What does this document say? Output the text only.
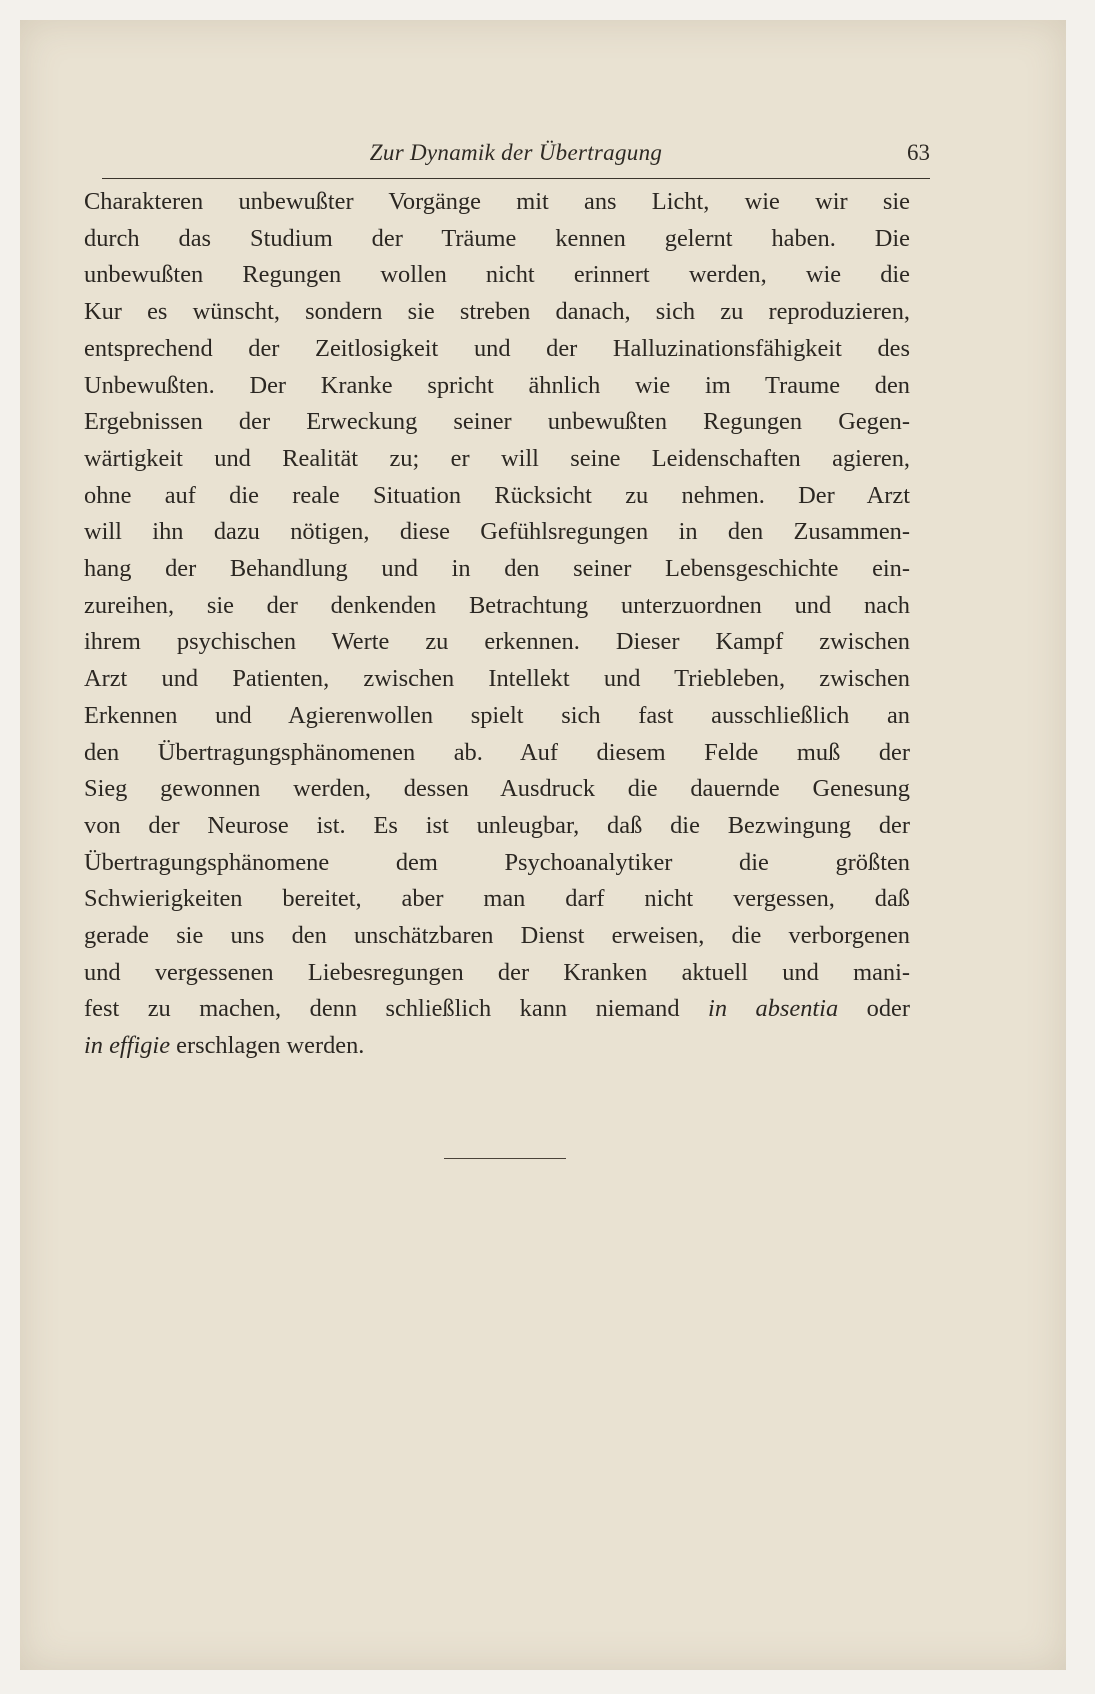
Zur Dynamik der Übertragung	63
Charakteren unbewußter Vorgänge mit ans Licht, wie wir sie
durch das Studium der Träume kennen gelernt haben. Die
unbewußten Regungen wollen nicht erinnert werden, wie die
Kur es wünscht, sondern sie streben danach, sich zu reproduzieren,
entsprechend der Zeitlosigkeit und der Halluzinationsfähigkeit des
Unbewußten. Der Kranke spricht ähnlich wie im Traume den
Ergebnissen der Erweckung seiner unbewußten Regungen Gegen-
wärtigkeit und Realität zu; er will seine Leidenschaften agieren,
ohne auf die reale Situation Rücksicht zu nehmen. Der Arzt
will ihn dazu nötigen, diese Gefühlsregungen in den Zusammen-
hang der Behandlung und in den seiner Lebensgeschichte ein-
zureihen, sie der denkenden Betrachtung unterzuordnen und nach
ihrem psychischen Werte zu erkennen. Dieser Kampf zwischen
Arzt und Patienten, zwischen Intellekt und Triebleben, zwischen
Erkennen und Agierenwollen spielt sich fast ausschließlich an
den Übertragungsphänomenen ab. Auf diesem Felde muß der
Sieg gewonnen werden, dessen Ausdruck die dauernde Genesung
von der Neurose ist. Es ist unleugbar, daß die Bezwingung der
Übertragungsphänomene dem Psychoanalytiker die größten
Schwierigkeiten bereitet, aber man darf nicht vergessen, daß
gerade sie uns den unschätzbaren Dienst erweisen, die verborgenen
und vergessenen Liebesregungen der Kranken aktuell und mani-
fest zu machen, denn schließlich kann niemand in absentia oder
in effigie erschlagen werden.
